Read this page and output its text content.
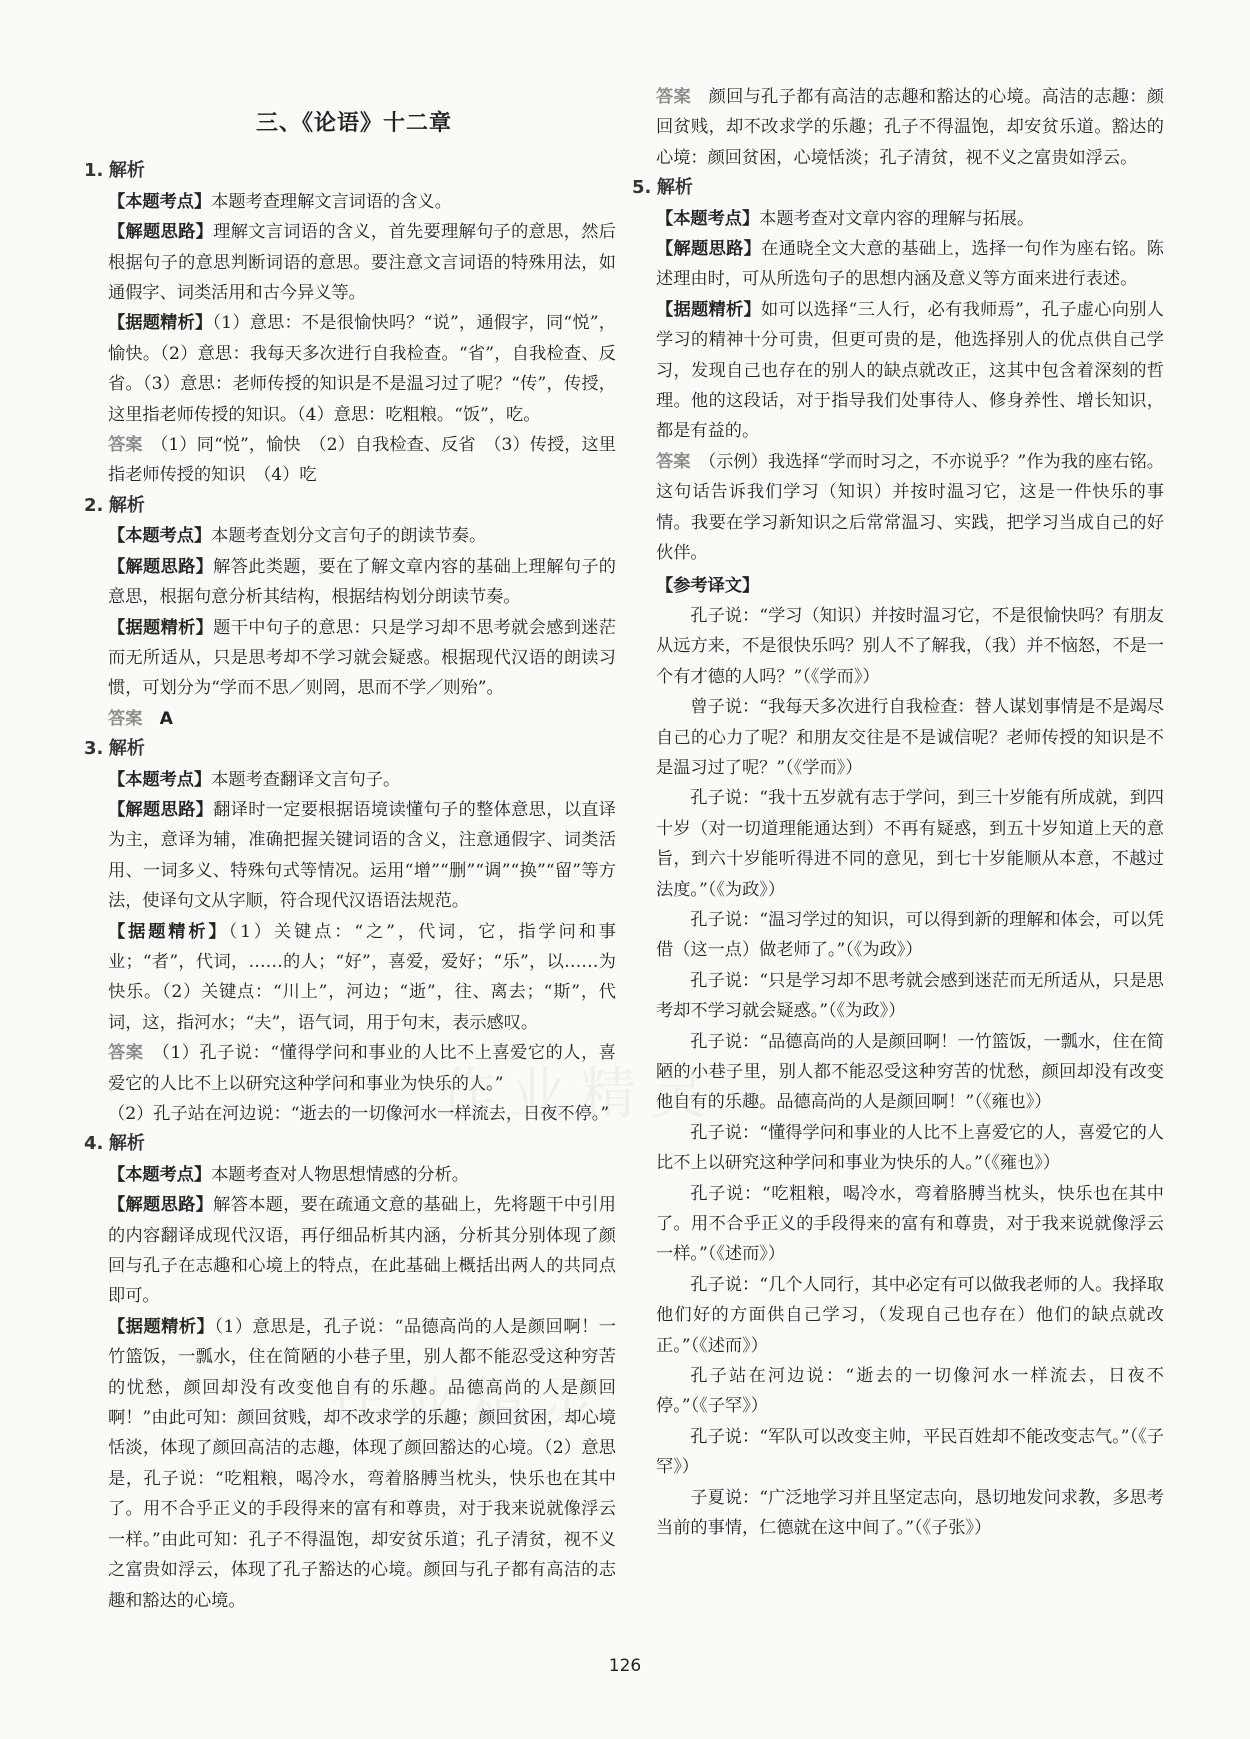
三、《论语》十二章
1. 解析

【本题考点】本题考查理解文言词语的含义。

【解题思路】理解文言词语的含义，首先要理解句子的意思，然后根据句子的意思判断词语的意思。要注意文言词语的特殊用法，如通假字、词类活用和古今异义等。

【据题精析】（1）意思：不是很愉快吗？“说”，通假字，同“悦”，愉快。（2）意思：我每天多次进行自我检查。“省”，自我检查、反省。（3）意思：老师传授的知识是不是温习过了呢？“传”，传授，这里指老师传授的知识。（4）意思：吃粗粮。“饭”，吃。

答案　 （1）同“悦”，愉快　（2）自我检查、反省　（3）传授，这里指老师传授的知识　（4）吃

2. 解析

【本题考点】本题考查划分文言句子的朗读节奏。

【解题思路】解答此类题，要在了解文章内容的基础上理解句子的意思，根据句意分析其结构，根据结构划分朗读节奏。

【据题精析】题干中句子的意思：只是学习却不思考就会感到迷茫而无所适从，只是思考却不学习就会疑惑。根据现代汉语的朗读习惯，可划分为“学而不思／则罔，思而不学／则殆”。

答案　 A

3. 解析

【本题考点】本题考查翻译文言句子。

【解题思路】翻译时一定要根据语境读懂句子的整体意思，以直译为主，意译为辅，准确把握关键词语的含义，注意通假字、词类活用、一词多义、特殊句式等情况。运用“增”“删”“调”“换”“留”等方法，使译句文从字顺，符合现代汉语语法规范。

【据题精析】（1）关键点：“之”，代词，它，指学问和事业；“者”，代词，……的人；“好”，喜爱，爱好；“乐”，以……为快乐。（2）关键点：“川上”，河边；“逝”，往、离去；“斯”，代词，这，指河水；“夫”，语气词，用于句末，表示感叹。

答案　 （1）孔子说：“懂得学问和事业的人比不上喜爱它的人，喜爱它的人比不上以研究这种学问和事业为快乐的人。”

（2）孔子站在河边说：“逝去的一切像河水一样流去，日夜不停。”

4. 解析

【本题考点】本题考查对人物思想情感的分析。

【解题思路】解答本题，要在疏通文意的基础上，先将题干中引用的内容翻译成现代汉语，再仔细品析其内涵，分析其分别体现了颜回与孔子在志趣和心境上的特点，在此基础上概括出两人的共同点即可。

【据题精析】（1）意思是，孔子说：“品德高尚的人是颜回啊！一竹篮饭，一瓢水，住在简陋的小巷子里，别人都不能忍受这种穷苦的忧愁，颜回却没有改变他自有的乐趣。品德高尚的人是颜回啊！”由此可知：颜回贫贱，却不改求学的乐趣；颜回贫困，却心境恬淡，体现了颜回高洁的志趣，体现了颜回豁达的心境。（2）意思是，孔子说：“吃粗粮，喝冷水，弯着胳膊当枕头，快乐也在其中了。用不合乎正义的手段得来的富有和尊贵，对于我来说就像浮云一样。”由此可知：孔子不得温饱，却安贫乐道；孔子清贫，视不义之富贵如浮云，体现了孔子豁达的心境。颜回与孔子都有高洁的志趣和豁达的心境。

答案　 颜回与孔子都有高洁的志趣和豁达的心境。高洁的志趣：颜回贫贱，却不改求学的乐趣；孔子不得温饱，却安贫乐道。豁达的心境：颜回贫困，心境恬淡；孔子清贫，视不义之富贵如浮云。

5. 解析

【本题考点】本题考查对文章内容的理解与拓展。

【解题思路】在通晓全文大意的基础上，选择一句作为座右铭。陈述理由时，可从所选句子的思想内涵及意义等方面来进行表述。

【据题精析】如可以选择“三人行，必有我师焉”，孔子虚心向别人学习的精神十分可贵，但更可贵的是，他选择别人的优点供自己学习，发现自己也存在的别人的缺点就改正，这其中包含着深刻的哲理。他的这段话，对于指导我们处事待人、修身养性、增长知识，都是有益的。

答案　 （示例）我选择“学而时习之，不亦说乎？”作为我的座右铭。这句话告诉我们学习（知识）并按时温习它，这是一件快乐的事情。我要在学习新知识之后常常温习、实践，把学习当成自己的好伙伴。

【参考译文】

孔子说：“学习（知识）并按时温习它，不是很愉快吗？有朋友从远方来，不是很快乐吗？别人不了解我，（我）并不恼怒，不是一个有才德的人吗？”（《学而》）

曾子说：“我每天多次进行自我检查：替人谋划事情是不是竭尽自己的心力了呢？和朋友交往是不是诚信呢？老师传授的知识是不是温习过了呢？”（《学而》）

孔子说：“我十五岁就有志于学问，到三十岁能有所成就，到四十岁（对一切道理能通达到）不再有疑惑，到五十岁知道上天的意旨，到六十岁能听得进不同的意见，到七十岁能顺从本意，不越过法度。”（《为政》）

孔子说：“温习学过的知识，可以得到新的理解和体会，可以凭借（这一点）做老师了。”（《为政》）

孔子说：“只是学习却不思考就会感到迷茫而无所适从，只是思考却不学习就会疑惑。”（《为政》）

孔子说：“品德高尚的人是颜回啊！一竹篮饭，一瓢水，住在简陋的小巷子里，别人都不能忍受这种穷苦的忧愁，颜回却没有改变他自有的乐趣。品德高尚的人是颜回啊！”（《雍也》）

孔子说：“懂得学问和事业的人比不上喜爱它的人，喜爱它的人比不上以研究这种学问和事业为快乐的人。”（《雍也》）

孔子说：“吃粗粮，喝冷水，弯着胳膊当枕头，快乐也在其中了。用不合乎正义的手段得来的富有和尊贵，对于我来说就像浮云一样。”（《述而》）

孔子说：“几个人同行，其中必定有可以做我老师的人。我择取他们好的方面供自己学习，（发现自己也存在）他们的缺点就改正。”（《述而》）

孔子站在河边说：“逝去的一切像河水一样流去，日夜不停。”（《子罕》）

孔子说：“军队可以改变主帅，平民百姓却不能改变志气。”（《子罕》）

子夏说：“广泛地学习并且坚定志向，恳切地发问求教，多思考当前的事情，仁德就在这中间了。”（《子张》）

126
